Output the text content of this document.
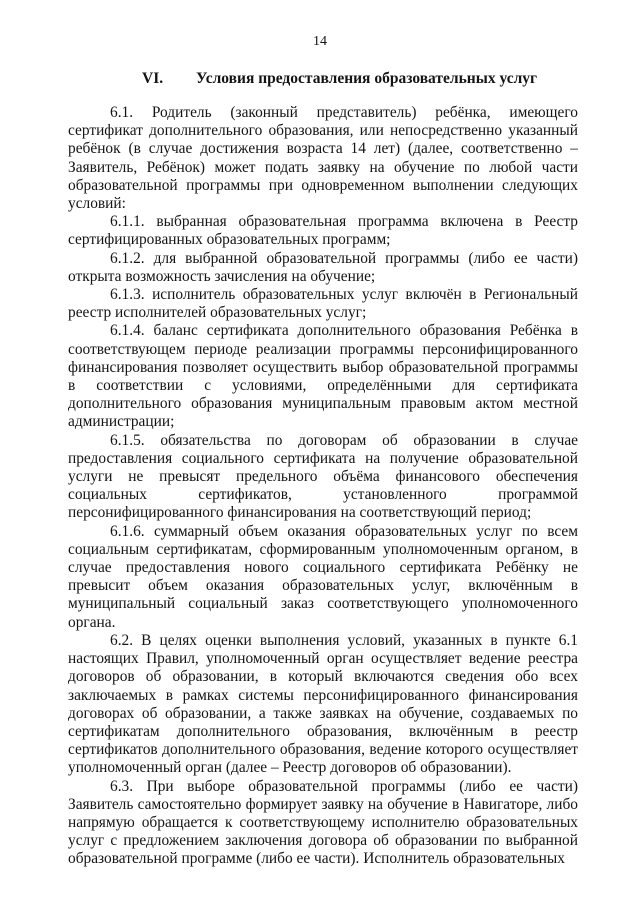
14
VI. Условия предоставления образовательных услуг

6.1. Родитель (законный представитель) ребёнка, имеющего сертификат дополнительного образования, или непосредственно указанный ребёнок (в случае достижения возраста 14 лет) (далее, соответственно – Заявитель, Ребёнок) может подать заявку на обучение по любой части образовательной программы при одновременном выполнении следующих условий:

6.1.1. выбранная образовательная программа включена в Реестр сертифицированных образовательных программ;

6.1.2. для выбранной образовательной программы (либо ее части) открыта возможность зачисления на обучение;

6.1.3. исполнитель образовательных услуг включён в Региональный реестр исполнителей образовательных услуг;

6.1.4. баланс сертификата дополнительного образования Ребёнка в соответствующем периоде реализации программы персонифицированного финансирования позволяет осуществить выбор образовательной программы в соответствии с условиями, определёнными для сертификата дополнительного образования муниципальным правовым актом местной администрации;

6.1.5. обязательства по договорам об образовании в случае предоставления социального сертификата на получение образовательной услуги не превысят предельного объёма финансового обеспечения социальных сертификатов, установленного программой персонифицированного финансирования на соответствующий период;

6.1.6. суммарный объем оказания образовательных услуг по всем социальным сертификатам, сформированным уполномоченным органом, в случае предоставления нового социального сертификата Ребёнку не превысит объем оказания образовательных услуг, включённым в муниципальный социальный заказ соответствующего уполномоченного органа.

6.2. В целях оценки выполнения условий, указанных в пункте 6.1 настоящих Правил, уполномоченный орган осуществляет ведение реестра договоров об образовании, в который включаются сведения обо всех заключаемых в рамках системы персонифицированного финансирования договорах об образовании, а также заявках на обучение, создаваемых по сертификатам дополнительного образования, включённым в реестр сертификатов дополнительного образования, ведение которого осуществляет уполномоченный орган (далее – Реестр договоров об образовании).

6.3. При выборе образовательной программы (либо ее части) Заявитель самостоятельно формирует заявку на обучение в Навигаторе, либо напрямую обращается к соответствующему исполнителю образовательных услуг с предложением заключения договора об образовании по выбранной образовательной программе (либо ее части). Исполнитель образовательных
